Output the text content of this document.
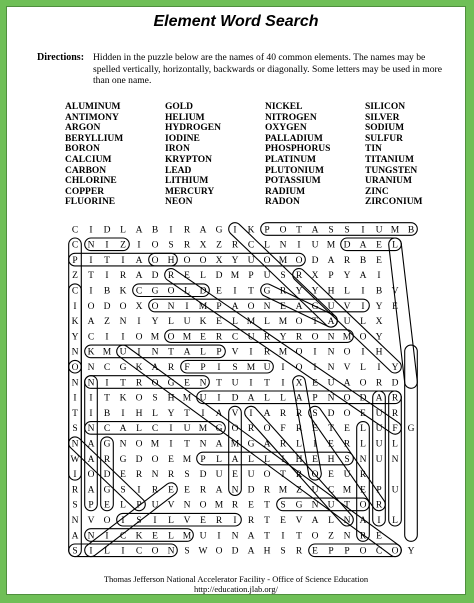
Element Word Search
Directions: Hidden in the puzzle below are the names of 40 common elements. The names may be spelled vertically, horizontally, backwards or diagonally. Some letters may be used in more than one name.
ALUMINUM
ANTIMONY
ARGON
BERYLLIUM
BORON
CALCIUM
CARBON
CHLORINE
COPPER
FLUORINE
GOLD
HELIUM
HYDROGEN
IODINE
IRON
KRYPTON
LEAD
LITHIUM
MERCURY
NEON
NICKEL
NITROGEN
OXYGEN
PALLADIUM
PHOSPHORUS
PLATINUM
PLUTONIUM
POTASSIUM
RADIUM
RADON
SILICON
SILVER
SODIUM
SULFUR
TIN
TITANIUM
TUNGSTEN
URANIUM
ZINC
ZIRCONIUM
C I D L A B I R A G I K P O T A S S I U M B
C N I Z I O S R X Z R C L N I U M D A E L
P I T I A O H O O X Y U O M O D A R B E
Z T I R A D R E L D M P U S R X P Y A I
C I B K C G O L D E I T G R Y Y H L I B V
I O D O X O N I M P A O N E A G U V I Y E
K A Z N I Y L U K E L M L M O T A U L X
Y C I I O M O M E R C U R Y R O N M O Y
N K M U I N T A L P V I R M O I N O I H
O N C G K A R F P I S M U I O I N V L I Y
N N I T R O G E N T U I T I X E U A O R D
I I T K O S H M U I D A L L A P N O D A R
T I B I H L Y T I A V I A R R S D O E U R
S N C A L C I U M G O R O F R E T E L U F G
N A G N O M I T N A M G A R L I E R L U L
W A R G D O E M P L A L L I H E H S N U N
I O D E R N R S D U E U O T R O E U R
R A G S I R E E R A N D R M Z U C M E P U
S P E L P U V N O M R E T S G N U T O R
N V O I S I L V E R I R T E V A L N A I L
A N I C K E L M U I N A T I T O Z N R E
S I L I C O N S W O D A H S R E P P O C O Y
Thomas Jefferson National Accelerator Facility - Office of Science Education
http://education.jlab.org/
